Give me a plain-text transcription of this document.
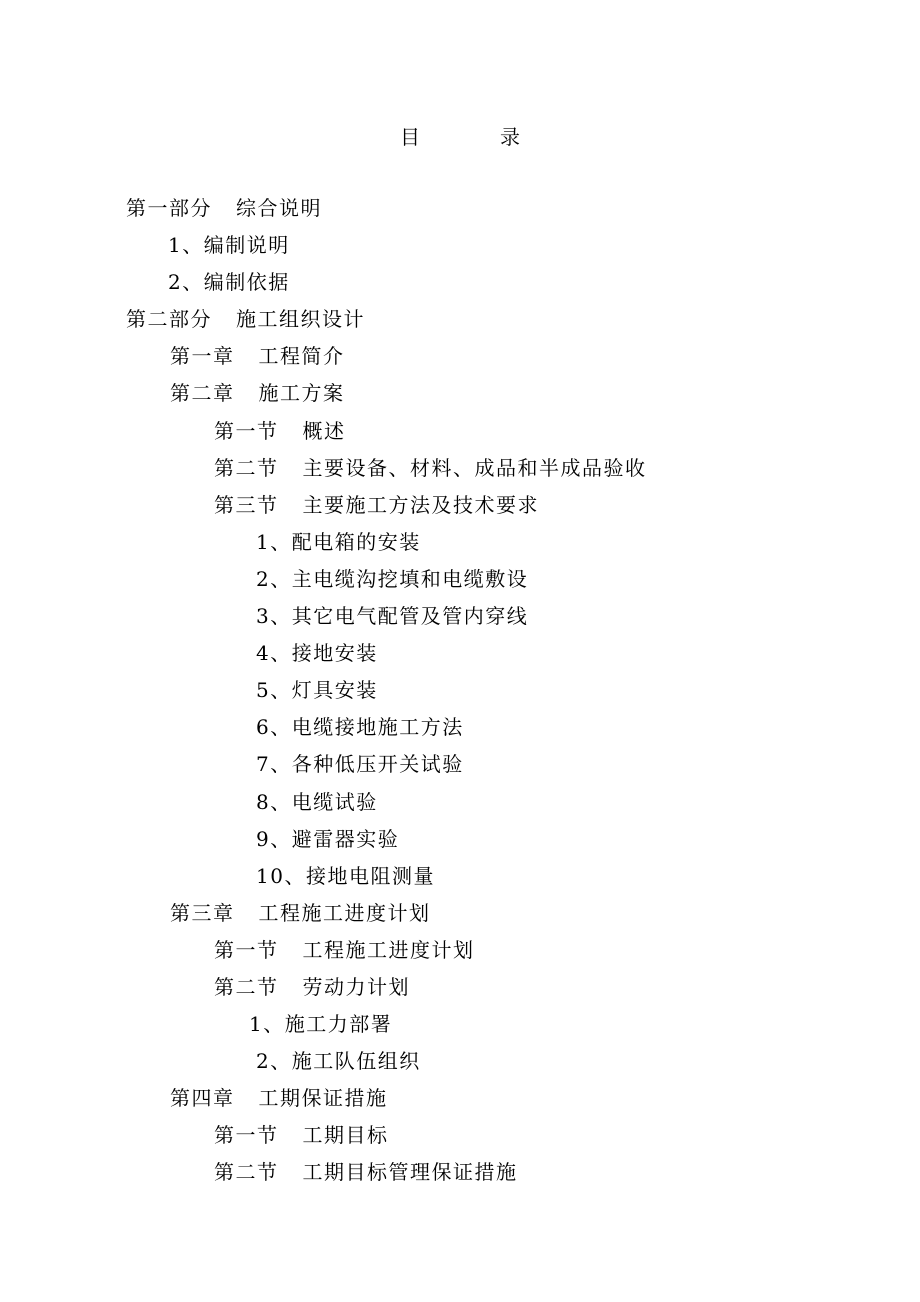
目　录
第一部分 综合说明
1、编制说明
2、编制依据
第二部分 施工组织设计
第一章 工程简介
第二章 施工方案
第一节 概述
第二节 主要设备、材料、成品和半成品验收
第三节 主要施工方法及技术要求
1、配电箱的安装
2、主电缆沟挖填和电缆敷设
3、其它电气配管及管内穿线
4、接地安装
5、灯具安装
6、电缆接地施工方法
7、各种低压开关试验
8、电缆试验
9、避雷器实验
10、接地电阻测量
第三章 工程施工进度计划
第一节 工程施工进度计划
第二节 劳动力计划
1、施工力部署
2、施工队伍组织
第四章 工期保证措施
第一节 工期目标
第二节 工期目标管理保证措施
